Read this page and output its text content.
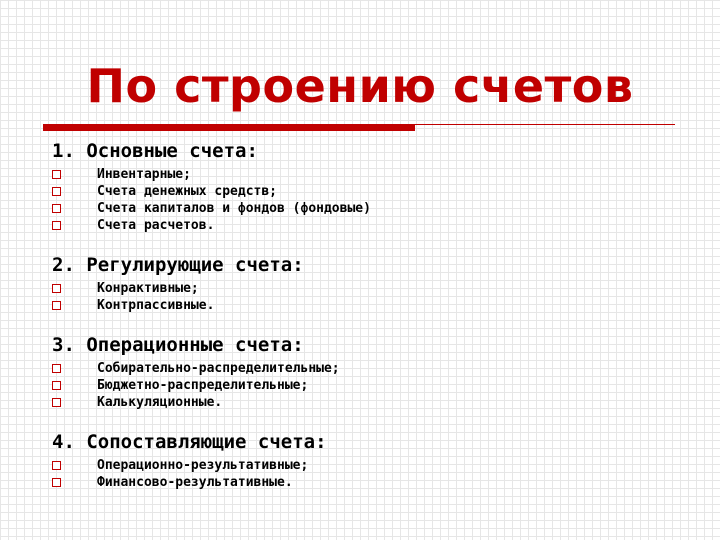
По строению счетов
1. Основные счета:
Инвентарные;
Счета денежных средств;
Счета капиталов и фондов (фондовые)
Счета расчетов.
2. Регулирующие счета:
Конрактивные;
Контрпассивные.
3. Операционные счета:
Собирательно-распределительные;
Бюджетно-распределительные;
Калькуляционные.
4. Сопоставляющие счета:
Операционно-результативные;
Финансово-результативные.
